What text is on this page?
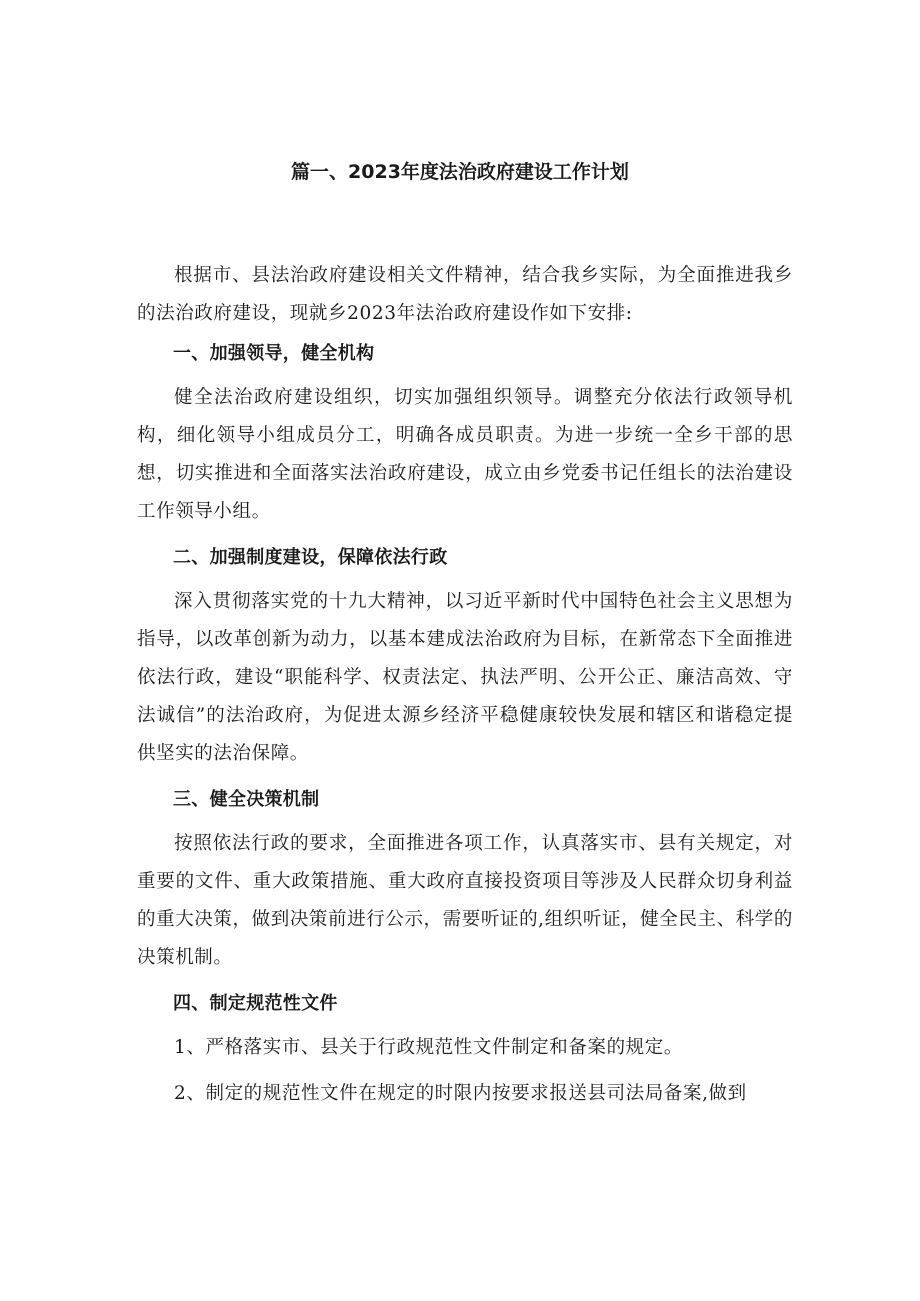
篇一、2023年度法治政府建设工作计划

根据市、县法治政府建设相关文件精神，结合我乡实际，为全面推进我乡的法治政府建设，现就乡2023年法治政府建设作如下安排:

一、加强领导，健全机构

健全法治政府建设组织，切实加强组织领导。调整充分依法行政领导机构，细化领导小组成员分工，明确各成员职责。为进一步统一全乡干部的思想，切实推进和全面落实法治政府建设，成立由乡党委书记任组长的法治建设工作领导小组。

二、加强制度建设，保障依法行政

深入贯彻落实党的十九大精神，以习近平新时代中国特色社会主义思想为指导，以改革创新为动力，以基本建成法治政府为目标，在新常态下全面推进依法行政，建设“职能科学、权责法定、执法严明、公开公正、廉洁高效、守法诚信”的法治政府，为促进太源乡经济平稳健康较快发展和辖区和谐稳定提供坚实的法治保障。

三、健全决策机制

按照依法行政的要求，全面推进各项工作，认真落实市、县有关规定，对重要的文件、重大政策措施、重大政府直接投资项目等涉及人民群众切身利益的重大决策，做到决策前进行公示，需要听证的,组织听证，健全民主、科学的决策机制。

四、制定规范性文件

1、严格落实市、县关于行政规范性文件制定和备案的规定。

2、制定的规范性文件在规定的时限内按要求报送县司法局备案,做到
